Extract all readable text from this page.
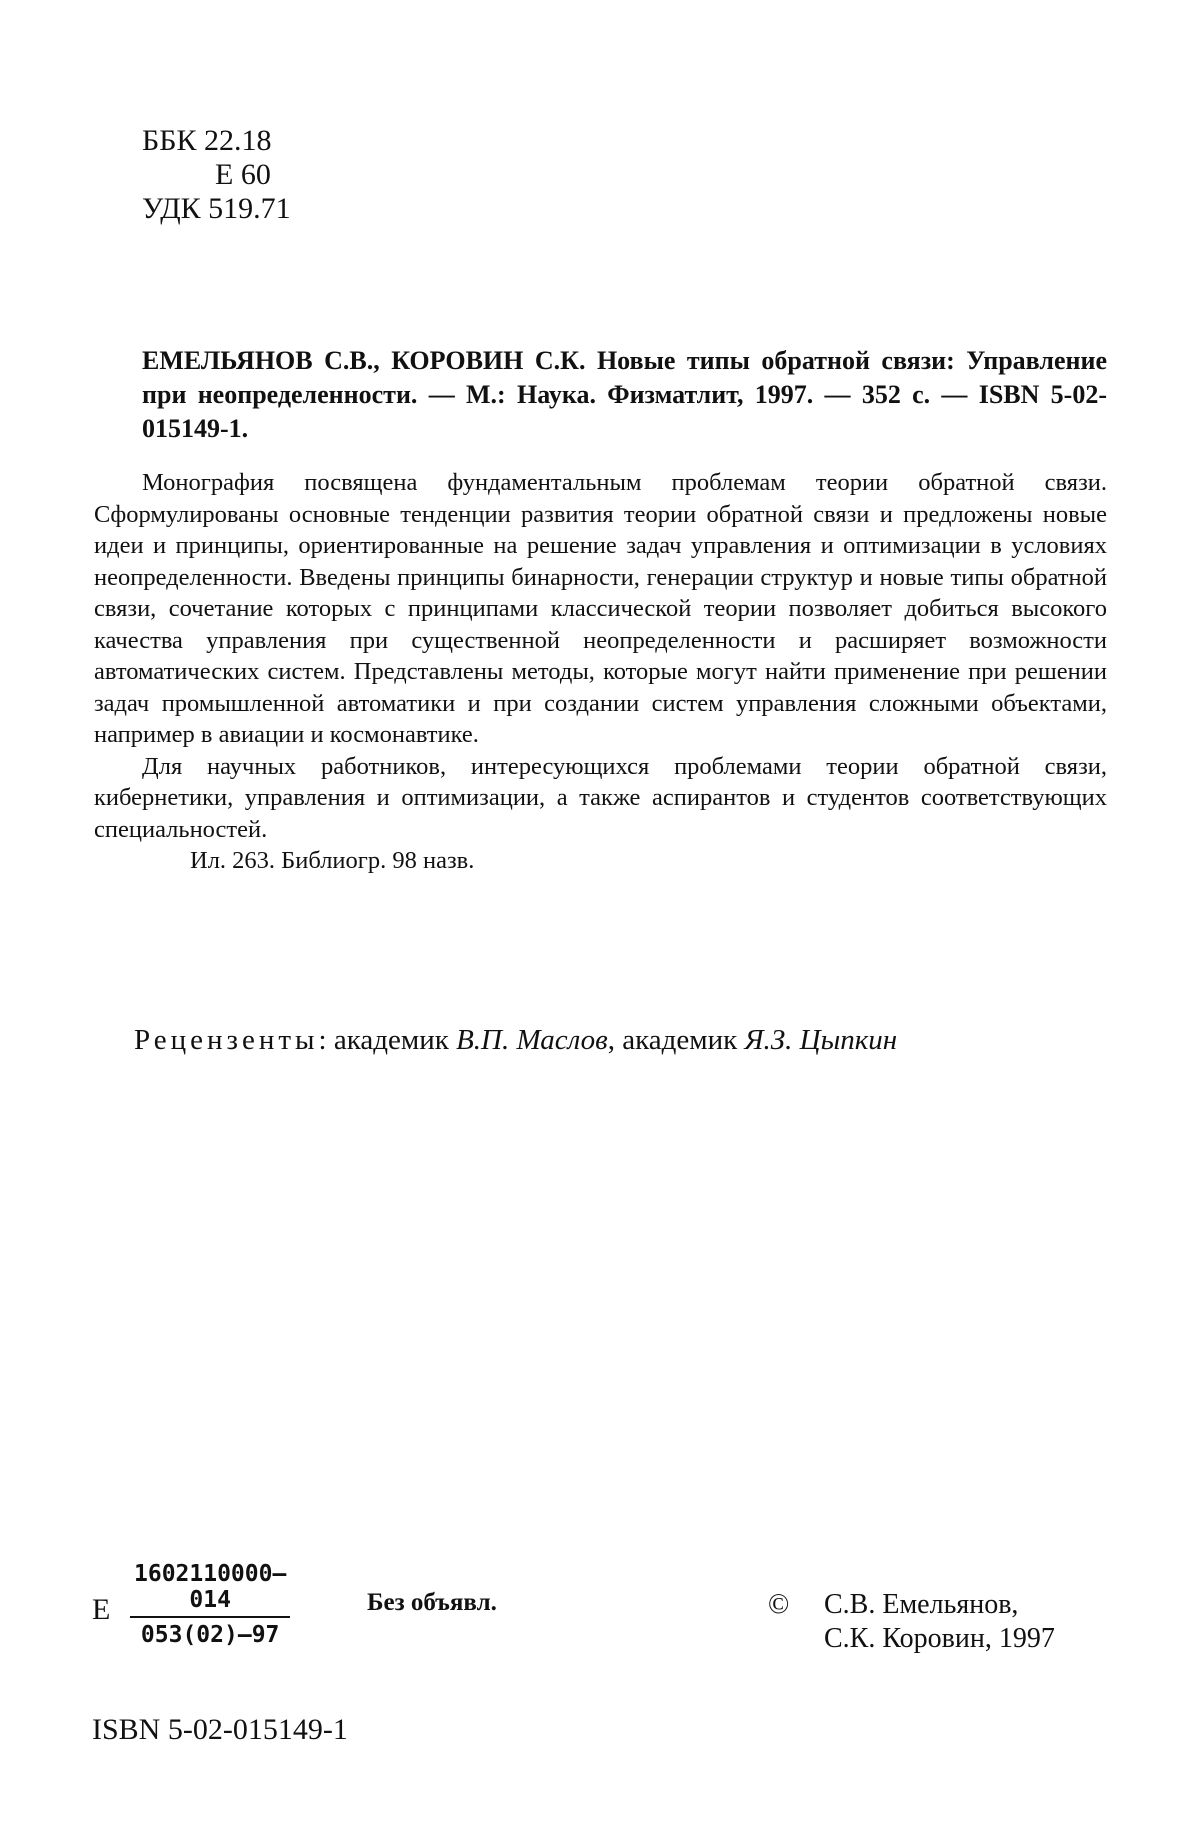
ББК 22.18
Е 60
УДК 519.71
ЕМЕЛЬЯНОВ С.В., КОРОВИН С.К. Новые типы обратной связи: Управление при неопределенности. — М.: Наука. Физматлит, 1997. — 352 с. — ISBN 5-02-015149-1.

Монография посвящена фундаментальным проблемам теории обратной связи. Сформулированы основные тенденции развития теории обратной связи и предложены новые идеи и принципы, ориентированные на решение задач управления и оптимизации в условиях неопределенности. Введены принципы бинарности, генерации структур и новые типы обратной связи, сочетание которых с принципами классической теории позволяет добиться высокого качества управления при существенной неопределенности и расширяет возможности автоматических систем. Представлены методы, которые могут найти применение при решении задач промышленной автоматики и при создании систем управления сложными объектами, например в авиации и космонавтике.

Для научных работников, интересующихся проблемами теории обратной связи, кибернетики, управления и оптимизации, а также аспирантов и студентов соответствующих специальностей.

Ил. 263. Библиогр. 98 назв.

Рецензенты: академик В.П. Маслов, академик Я.З. Цыпкин
Е $\frac{1602110000-014}{053(02)-97}$	Без объявл.	© С.В. Емельянов,
С.К. Коровин, 1997
ISBN 5-02-015149-1
